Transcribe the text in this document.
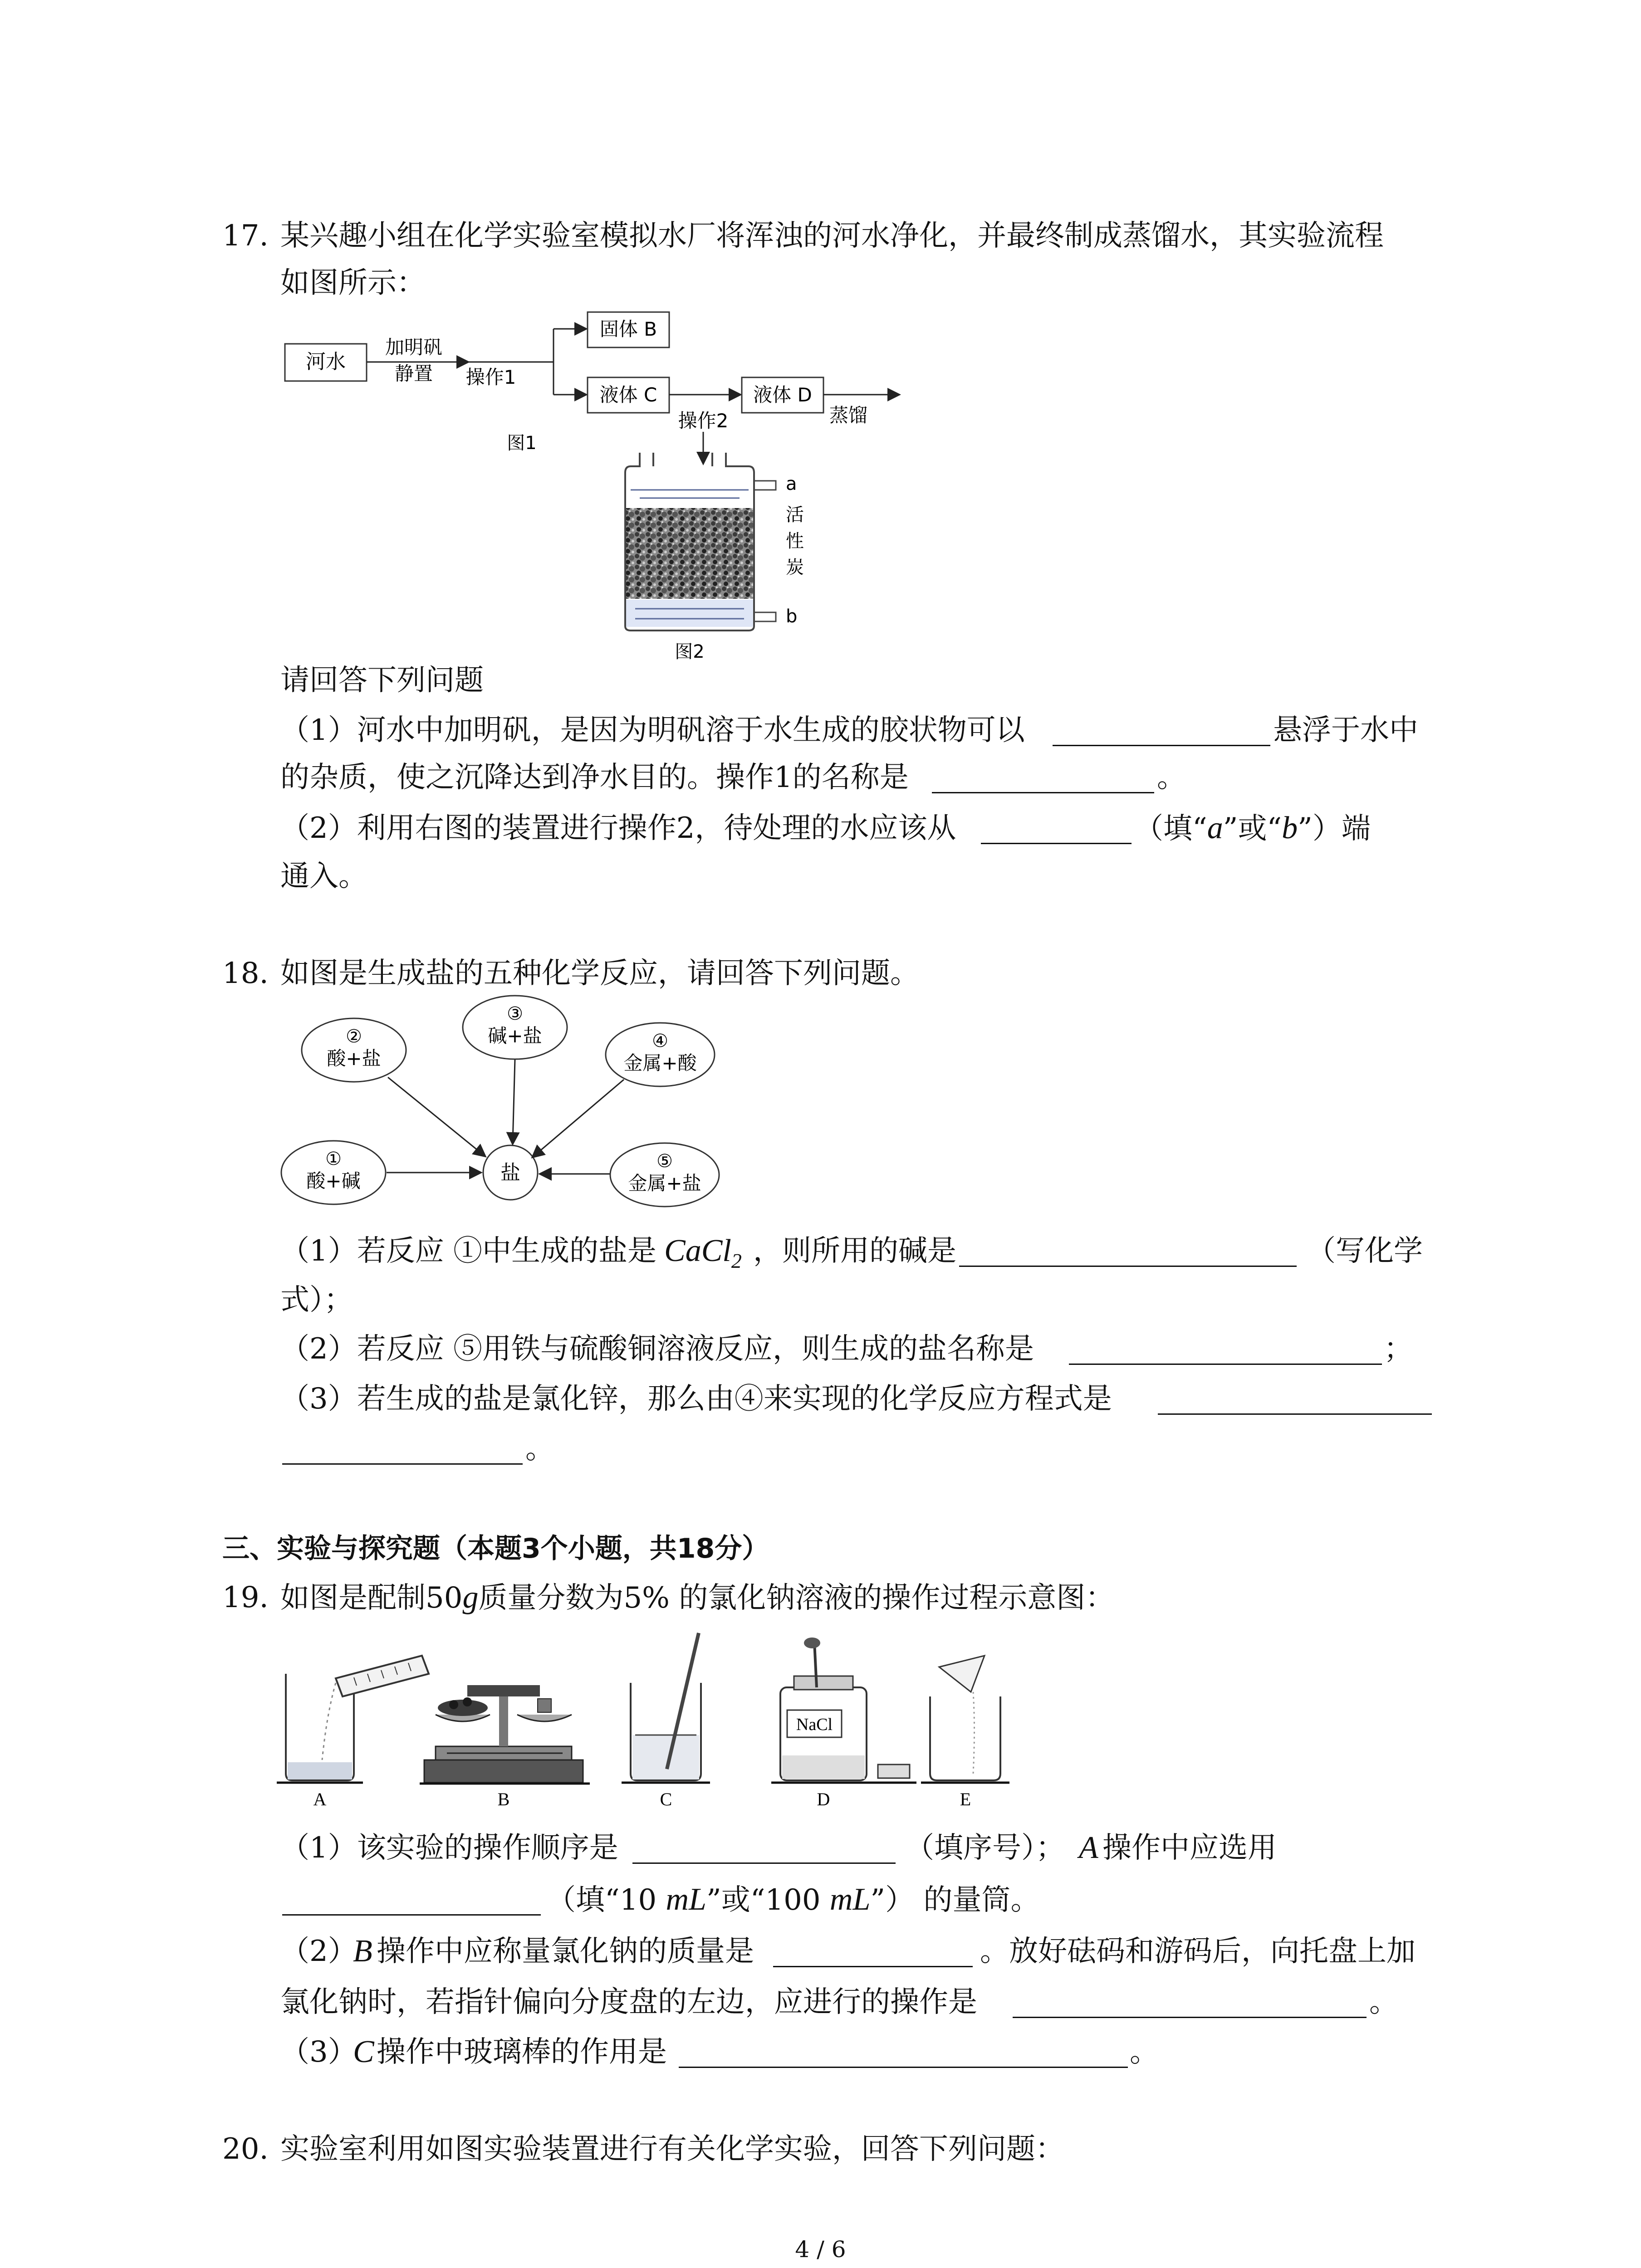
17. 某兴趣小组在化学实验室模拟水厂将浑浊的河水净化，并最终制成蒸馏水，其实验流程
如图所示：
河水
加明矾
静置 操作1
固体 B
液体 C
操作2
液体 D
蒸馏
图1
a
活
性
炭
b
图2
请回答下列问题
（1）河水中加明矾，是因为明矾溶于水生成的胶状物可以	悬浮于水中
的杂质，使之沉降达到净水目的。操作1的名称是	。
（2）利用右图的装置进行操作2，待处理的水应该从	（填“a”或“b”）端
通入。
18. 如图是生成盐的五种化学反应，请回答下列问题。
②
酸+盐
③
碱+盐	④
金属+酸
①
酸+碱
⑤
金属+盐
盐
（1）若反应 ①中生成的盐是 CaCl$_2$ ，则所用的碱是	（写化学
式）；
（2）若反应 ⑤用铁与硫酸铜溶液反应，则生成的盐名称是	；
（3）若生成的盐是氯化锌，那么由④来实现的化学反应方程式是
。
三、实验与探究题（本题3个小题，共18分）
19. 如图是配制50g质量分数为5% 的氯化钠溶液的操作过程示意图：
A	B	C
NaCl
D	E
（1）该实验的操作顺序是	（填序号）； A 操作中应选用
（填“10 mL”或“100 mL”） 的量筒。
（2）
B 操作中应称量氯化钠的质量是	。放好砝码和游码后，向托盘上加
氯化钠时，若指针偏向分度盘的左边，应进行的操作是	。
（3）
C 操作中玻璃棒的作用是	。
20. 实验室利用如图实验装置进行有关化学实验，回答下列问题：
4 / 6
